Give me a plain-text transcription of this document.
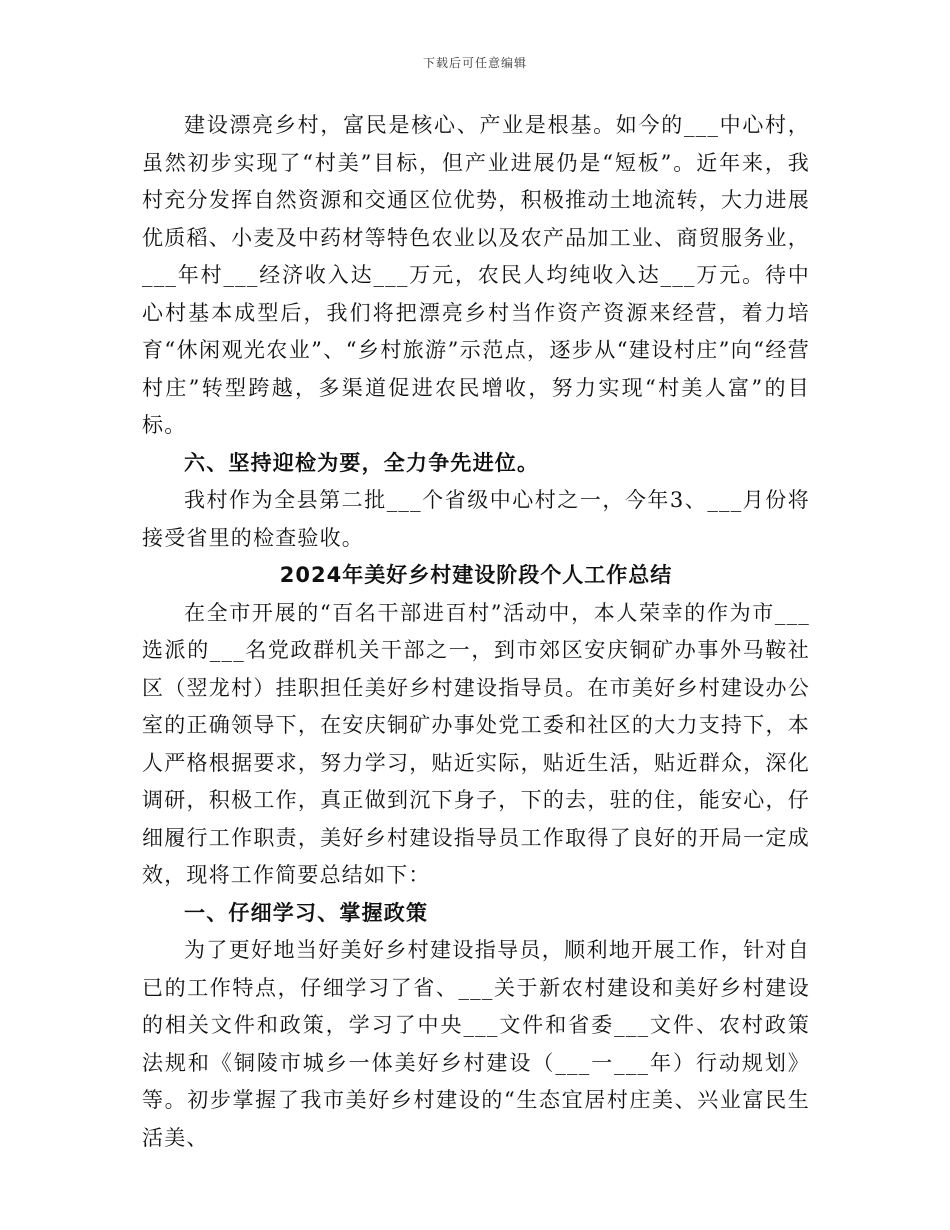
下载后可任意编辑

建设漂亮乡村，富民是核心、产业是根基。如今的___中心村，虽然初步实现了“村美”目标，但产业进展仍是“短板”。近年来，我村充分发挥自然资源和交通区位优势，积极推动土地流转，大力进展优质稻、小麦及中药材等特色农业以及农产品加工业、商贸服务业，___年村___经济收入达___万元，农民人均纯收入达___万元。待中心村基本成型后，我们将把漂亮乡村当作资产资源来经营，着力培育“休闲观光农业”、“乡村旅游”示范点，逐步从“建设村庄”向“经营村庄”转型跨越，多渠道促进农民增收，努力实现“村美人富”的目标。

六、坚持迎检为要，全力争先进位。

我村作为全县第二批___个省级中心村之一，今年3、___月份将接受省里的检查验收。

2024年美好乡村建设阶段个人工作总结

在全市开展的“百名干部进百村”活动中，本人荣幸的作为市___选派的___名党政群机关干部之一，到市郊区安庆铜矿办事外马鞍社区（翌龙村）挂职担任美好乡村建设指导员。在市美好乡村建设办公室的正确领导下，在安庆铜矿办事处党工委和社区的大力支持下，本人严格根据要求，努力学习，贴近实际，贴近生活，贴近群众，深化调研，积极工作，真正做到沉下身子，下的去，驻的住，能安心，仔细履行工作职责，美好乡村建设指导员工作取得了良好的开局一定成效，现将工作简要总结如下：

一、仔细学习、掌握政策

为了更好地当好美好乡村建设指导员，顺利地开展工作，针对自已的工作特点，仔细学习了省、___关于新农村建设和美好乡村建设的相关文件和政策，学习了中央___文件和省委___文件、农村政策法规和《铜陵市城乡一体美好乡村建设（___一___年）行动规划》等。初步掌握了我市美好乡村建设的“生态宜居村庄美、兴业富民生活美、
